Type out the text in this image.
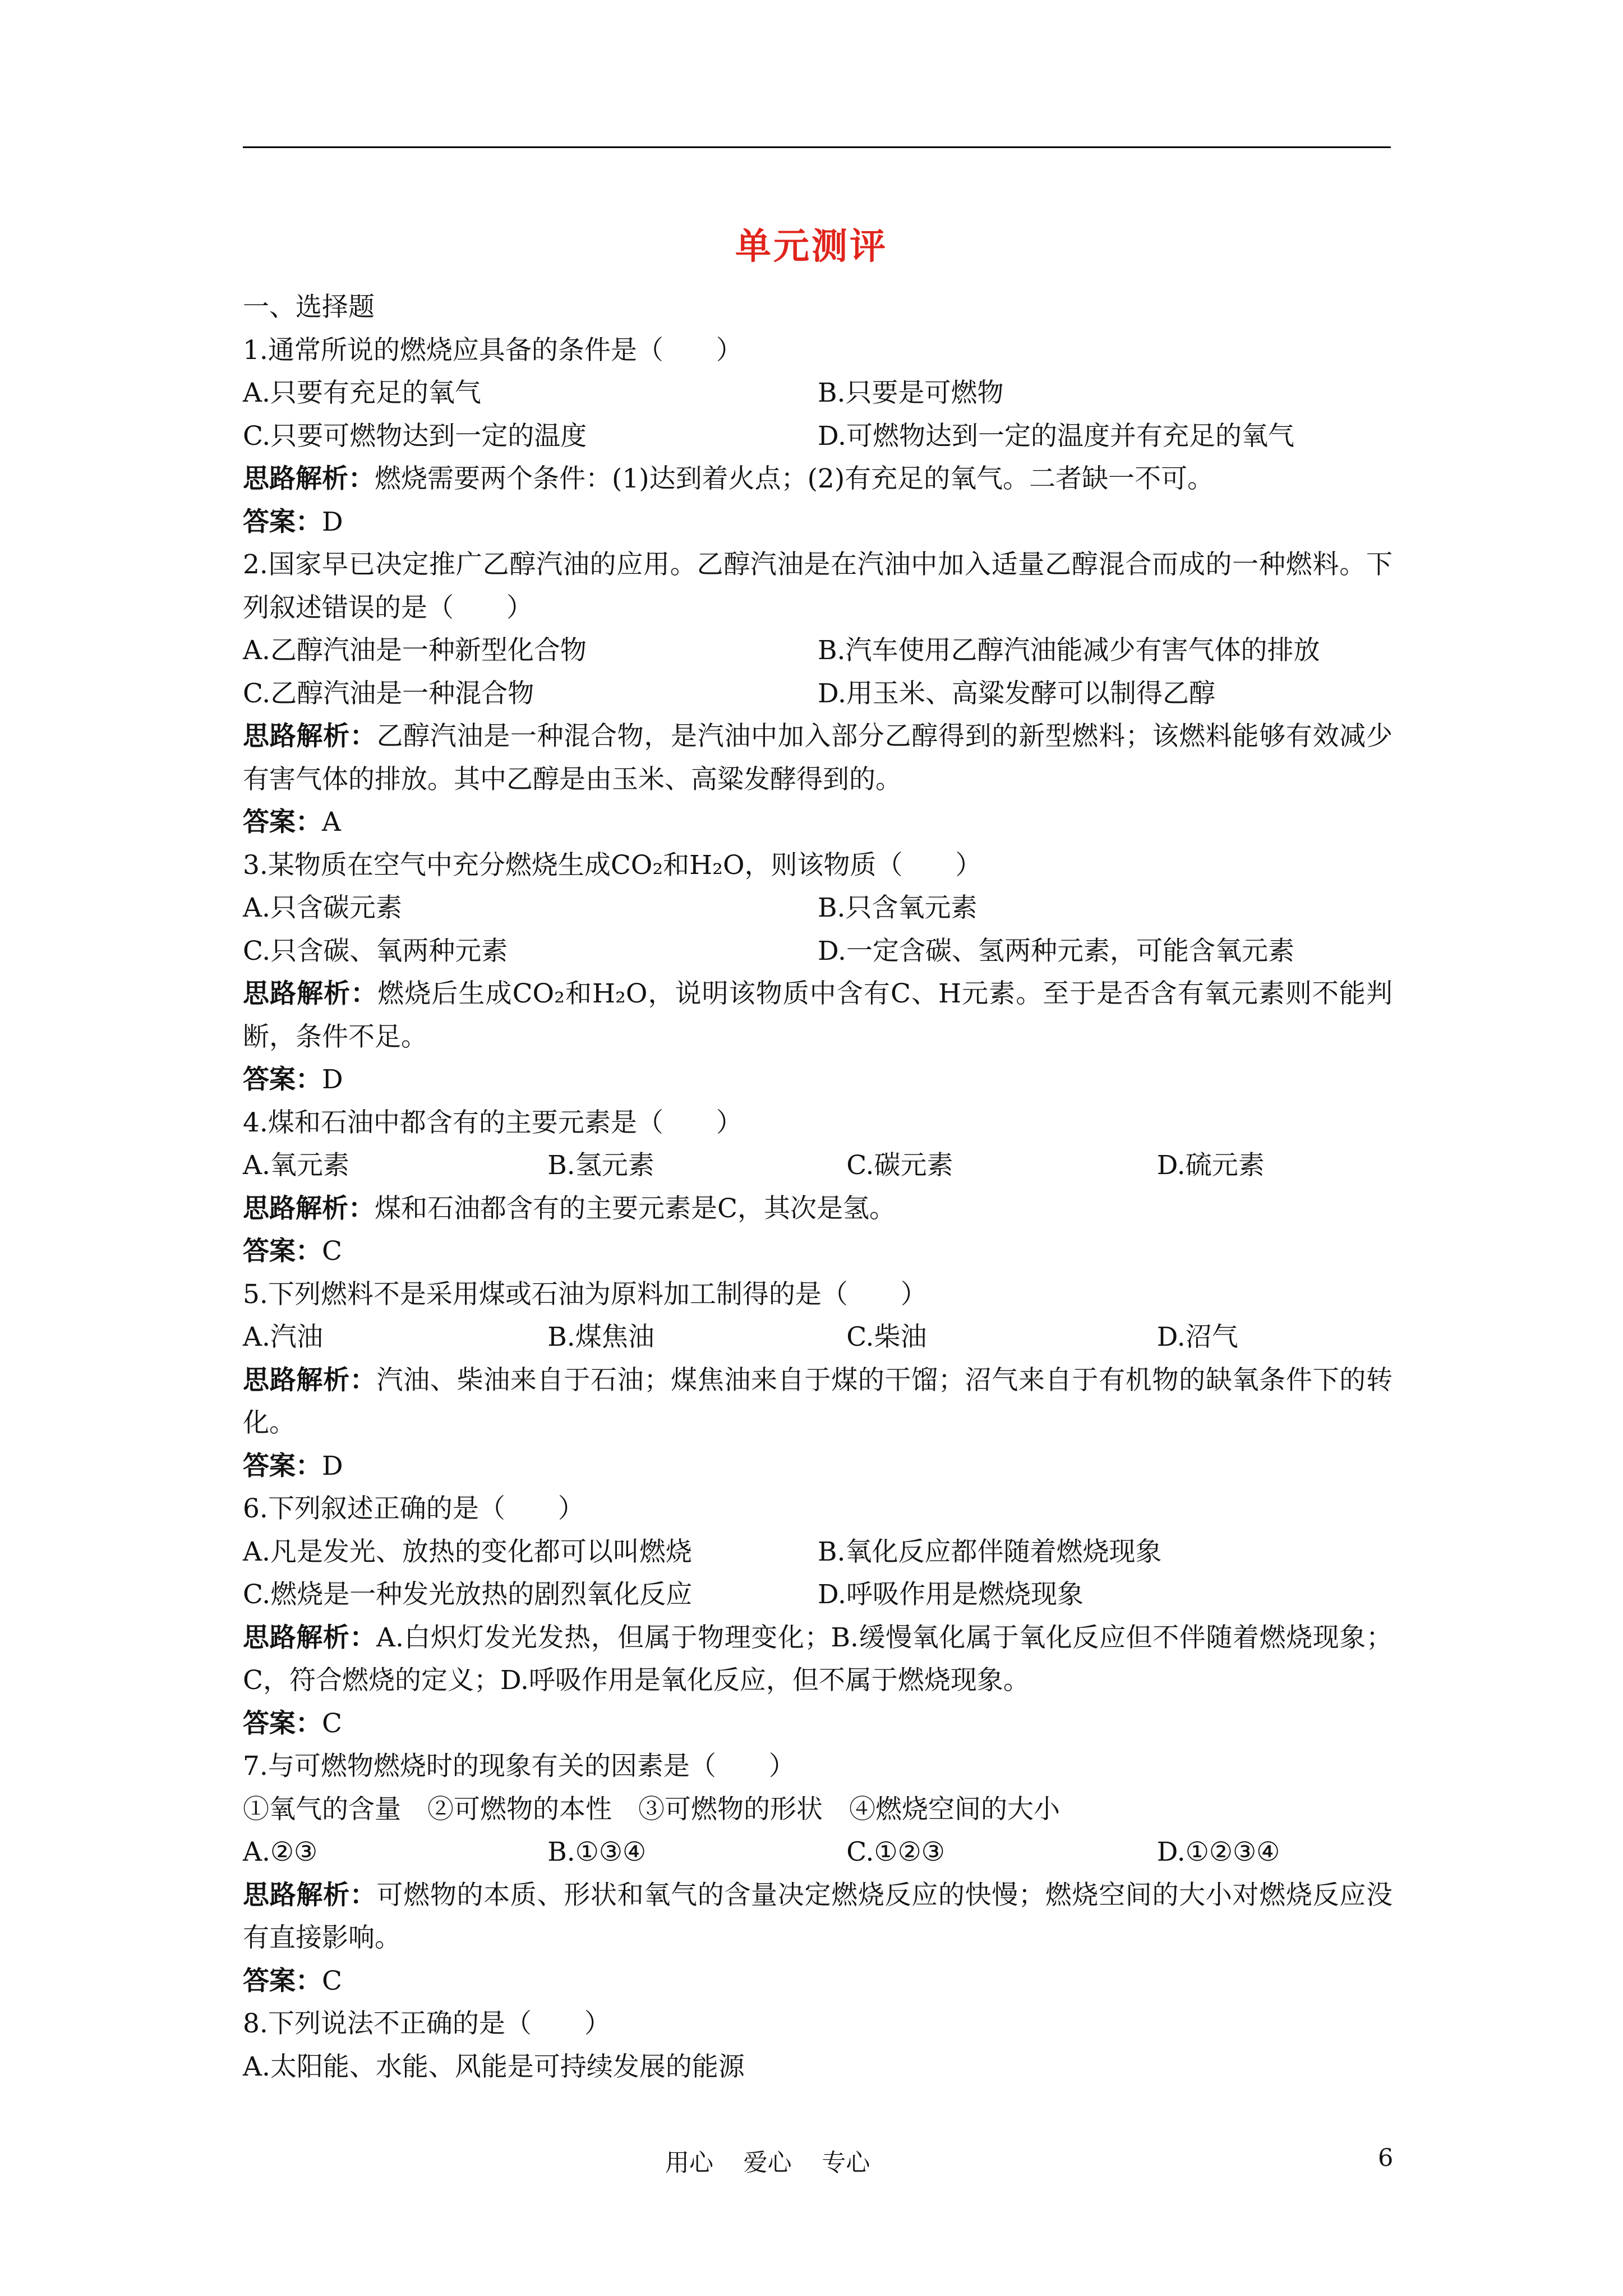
单元测评
一、选择题
1.通常所说的燃烧应具备的条件是（　　）
A.只要有充足的氧气	B.只要是可燃物
C.只要可燃物达到一定的温度	D.可燃物达到一定的温度并有充足的氧气
思路解析：燃烧需要两个条件：(1)达到着火点；(2)有充足的氧气。二者缺一不可。
答案：D
2.国家早已决定推广乙醇汽油的应用。乙醇汽油是在汽油中加入适量乙醇混合而成的一种燃料。下列叙述错误的是（　　）
A.乙醇汽油是一种新型化合物	B.汽车使用乙醇汽油能减少有害气体的排放
C.乙醇汽油是一种混合物	D.用玉米、高粱发酵可以制得乙醇
思路解析：乙醇汽油是一种混合物，是汽油中加入部分乙醇得到的新型燃料；该燃料能够有效减少有害气体的排放。其中乙醇是由玉米、高粱发酵得到的。
答案：A
3.某物质在空气中充分燃烧生成CO₂和H₂O，则该物质（　　）
A.只含碳元素	B.只含氧元素
C.只含碳、氧两种元素	D.一定含碳、氢两种元素，可能含氧元素
思路解析：燃烧后生成CO₂和H₂O，说明该物质中含有C、H元素。至于是否含有氧元素则不能判断，条件不足。
答案：D
4.煤和石油中都含有的主要元素是（　　）
A.氧元素	B.氢元素	C.碳元素	D.硫元素
思路解析：煤和石油都含有的主要元素是C，其次是氢。
答案：C
5.下列燃料不是采用煤或石油为原料加工制得的是（　　）
A.汽油	B.煤焦油	C.柴油	D.沼气
思路解析：汽油、柴油来自于石油；煤焦油来自于煤的干馏；沼气来自于有机物的缺氧条件下的转化。
答案：D
6.下列叙述正确的是（　　）
A.凡是发光、放热的变化都可以叫燃烧	B.氧化反应都伴随着燃烧现象
C.燃烧是一种发光放热的剧烈氧化反应	D.呼吸作用是燃烧现象
思路解析：A.白炽灯发光发热，但属于物理变化；B.缓慢氧化属于氧化反应但不伴随着燃烧现象；C，符合燃烧的定义；D.呼吸作用是氧化反应，但不属于燃烧现象。
答案：C
7.与可燃物燃烧时的现象有关的因素是（　　）
①氧气的含量　②可燃物的本性　③可燃物的形状　④燃烧空间的大小
A.②③	B.①③④	C.①②③	D.①②③④
思路解析：可燃物的本质、形状和氧气的含量决定燃烧反应的快慢；燃烧空间的大小对燃烧反应没有直接影响。
答案：C
8.下列说法不正确的是（　　）
A.太阳能、水能、风能是可持续发展的能源
用心 爱心 专心	6
